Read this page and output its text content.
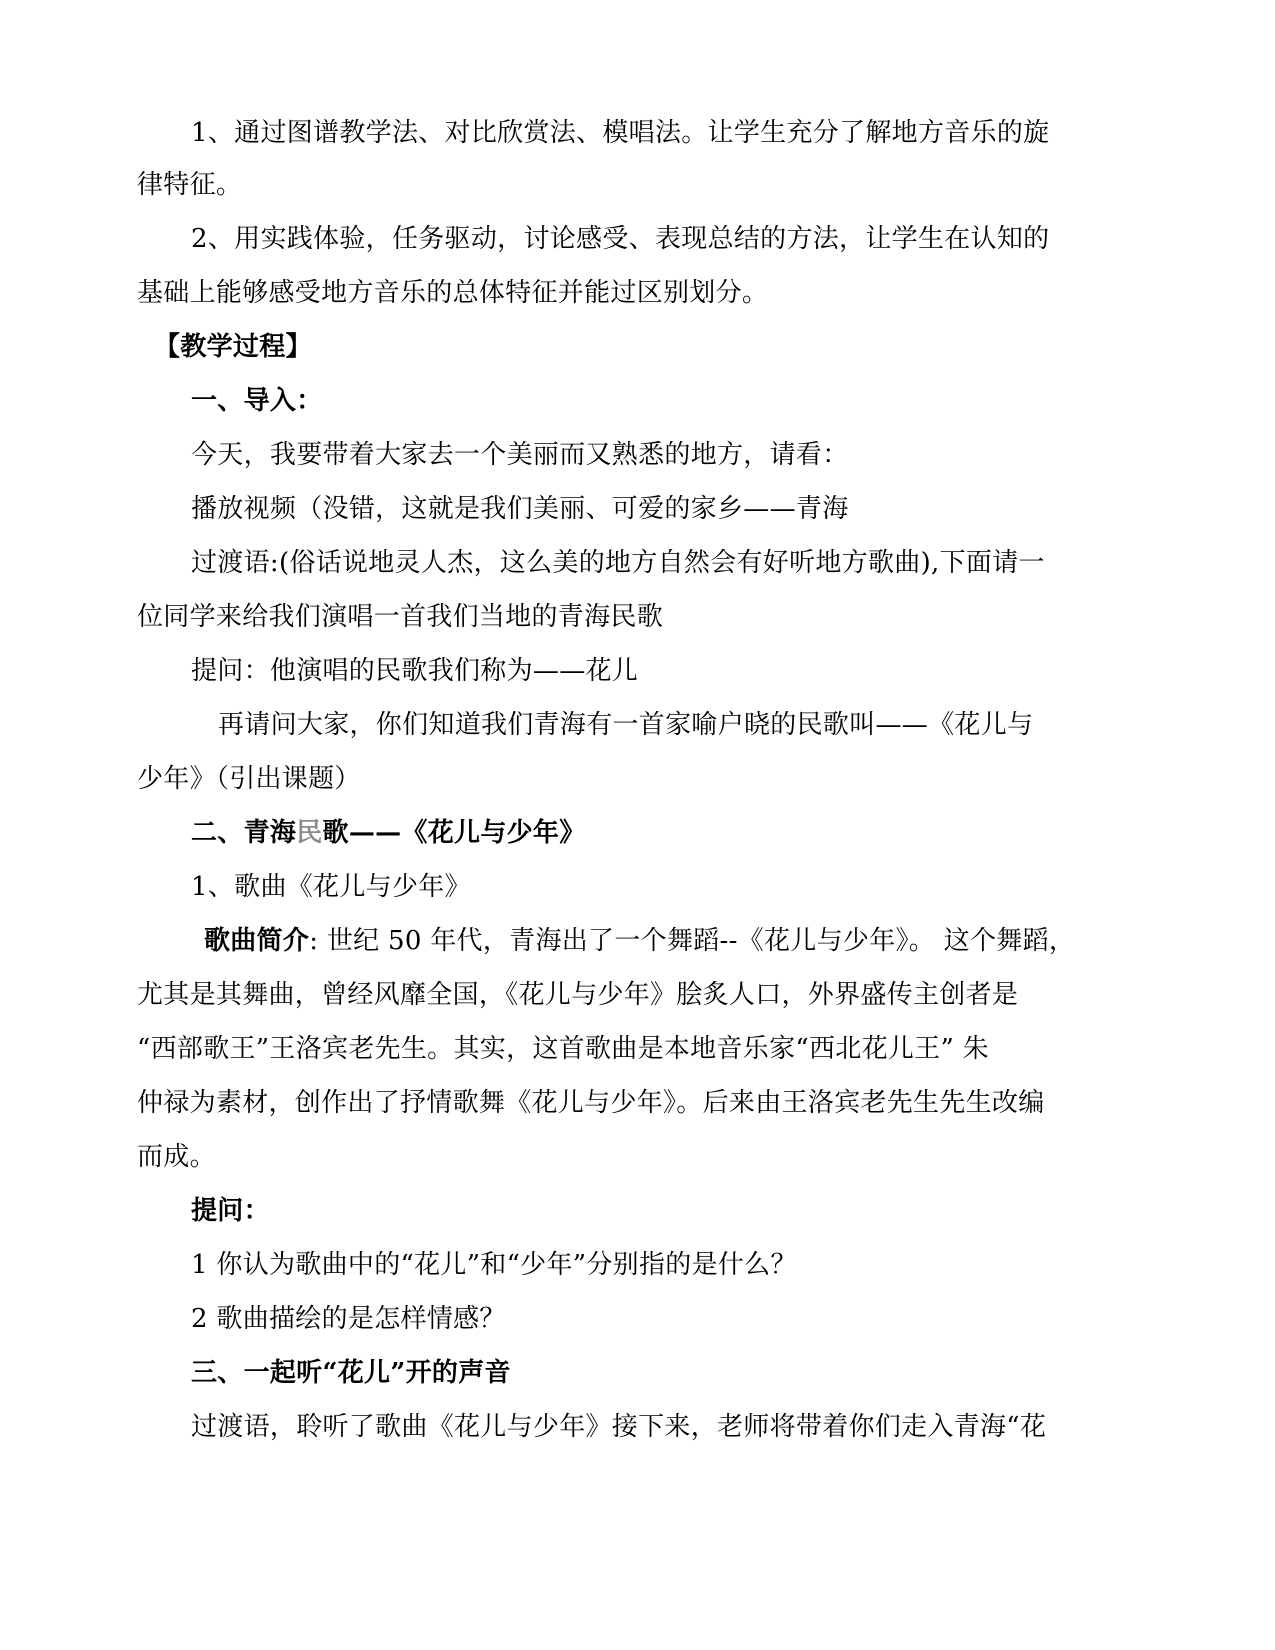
1、通过图谱教学法、对比欣赏法、模唱法。让学生充分了解地方音乐的旋
律特征。
2、用实践体验，任务驱动，讨论感受、表现总结的方法，让学生在认知的
基础上能够感受地方音乐的总体特征并能过区别划分。
【教学过程】
一、导入：
今天，我要带着大家去一个美丽而又熟悉的地方，请看：
播放视频（没错，这就是我们美丽、可爱的家乡——青海
过渡语:(俗话说地灵人杰，这么美的地方自然会有好听地方歌曲),下面请一
位同学来给我们演唱一首我们当地的青海民歌
提问：他演唱的民歌我们称为——花儿
再请问大家，你们知道我们青海有一首家喻户晓的民歌叫——《花儿与
少年》（引出课题）
二、青海民歌——《花儿与少年》
1、歌曲《花儿与少年》
歌曲简介: 世纪 50 年代，青海出了一个舞蹈--《花儿与少年》。 这个舞蹈，
尤其是其舞曲，曾经风靡全国，《花儿与少年》脍炙人口，外界盛传主创者是
“西部歌王”王洛宾老先生。其实，这首歌曲是本地音乐家“西北花儿王” 朱
仲禄为素材，创作出了抒情歌舞《花儿与少年》。后来由王洛宾老先生先生改编
而成。
提问：
1 你认为歌曲中的“花儿”和“少年”分别指的是什么？
2 歌曲描绘的是怎样情感？
三、一起听“花儿”开的声音
过渡语，聆听了歌曲《花儿与少年》接下来，老师将带着你们走入青海“花
